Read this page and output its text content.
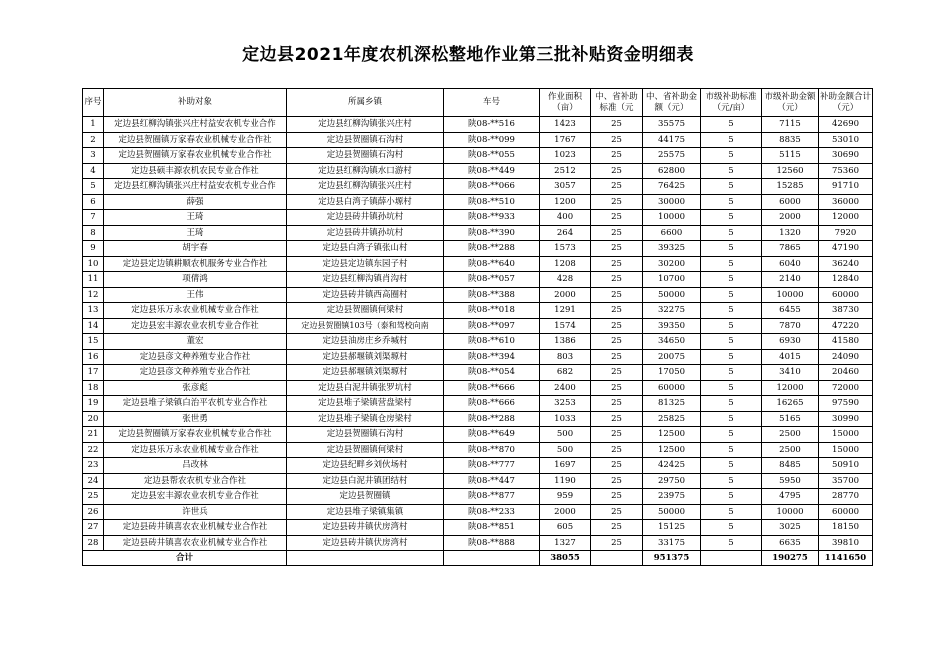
定边县2021年度农机深松整地作业第三批补贴资金明细表
序号	补助对象	所属乡镇	车号	作业面积（亩）	中、省补助标准（元	中、省补助金额（元）	市级补助标准（元/亩）	市级补助金额（元）	补助金额合计（元）
1	定边县红柳沟镇张兴庄村益安农机专业合作	定边县红柳沟镇张兴庄村	陕08-**516	1423	25	35575	5	7115	42690
2	定边县贺圈镇万家春农业机械专业合作社	定边县贺圈镇石沟村	陕08-**099	1767	25	44175	5	8835	53010
3	定边县贺圈镇万家春农业机械专业合作社	定边县贺圈镇石沟村	陕08-**055	1023	25	25575	5	5115	30690
4	定边县硕丰源农机农民专业合作社	定边县红柳沟镇水口游村	陕08-**449	2512	25	62800	5	12560	75360
5	定边县红柳沟镇张兴庄村益安农机专业合作	定边县红柳沟镇张兴庄村	陕08-**066	3057	25	76425	5	15285	91710
6	薛强	定边县白湾子镇薛小塬村	陕08-**510	1200	25	30000	5	6000	36000
7	王琦	定边县砖井镇孙坑村	陕08-**933	400	25	10000	5	2000	12000
8	王琦	定边县砖井镇孙坑村	陕08-**390	264	25	6600	5	1320	7920
9	胡宇春	定边县白湾子镇张山村	陕08-**288	1573	25	39325	5	7865	47190
10	定边县定边镇耕顺农机服务专业合作社	定边县定边镇东园子村	陕08-**640	1208	25	30200	5	6040	36240
11	项倩鸿	定边县红柳沟镇肖沟村	陕08-**057	428	25	10700	5	2140	12840
12	王伟	定边县砖井镇西高圈村	陕08-**388	2000	25	50000	5	10000	60000
13	定边县乐万永农业机械专业合作社	定边县贺圈镇何梁村	陕08-**018	1291	25	32275	5	6455	38730
14	定边县宏丰源农业农机专业合作社	定边县贺圈镇103号（泰和驾校向南	陕08-**097	1574	25	39350	5	7870	47220
15	董宏	定边县油房庄乡乔堿村	陕08-**610	1386	25	34650	5	6930	41580
16	定边县彦文种养殖专业合作社	定边县郝堰镇刘渠塬村	陕08-**394	803	25	20075	5	4015	24090
17	定边县彦文种养殖专业合作社	定边县郝堰镇刘渠塬村	陕08-**054	682	25	17050	5	3410	20460
18	张彦彪	定边县白泥井镇张罗坑村	陕08-**666	2400	25	60000	5	12000	72000
19	定边县堆子梁镇白治平农机专业合作社	定边县堆子梁镇营盘梁村	陕08-**666	3253	25	81325	5	16265	97590
20	张世勇	定边县堆子梁镇仓房梁村	陕08-**288	1033	25	25825	5	5165	30990
21	定边县贺圈镇万家春农业机械专业合作社	定边县贺圈镇石沟村	陕08-**649	500	25	12500	5	2500	15000
22	定边县乐万永农业机械专业合作社	定边县贺圈镇何梁村	陕08-**870	500	25	12500	5	2500	15000
23	吕改林	定边县纪畔乡刘伙场村	陕08-**777	1697	25	42425	5	8485	50910
24	定边县帮农农机专业合作社	定边县白泥井镇团结村	陕08-**447	1190	25	29750	5	5950	35700
25	定边县宏丰源农业农机专业合作社	定边县贺圈镇	陕08-**877	959	25	23975	5	4795	28770
26	许世兵	定边县堆子梁镇集镇	陕08-**233	2000	25	50000	5	10000	60000
27	定边县砖井镇喜农农业机械专业合作社	定边县砖井镇伏房湾村	陕08-**851	605	25	15125	5	3025	18150
28	定边县砖井镇喜农农业机械专业合作社	定边县砖井镇伏房湾村	陕08-**888	1327	25	33175	5	6635	39810
合计				38055		951375		190275	1141650
